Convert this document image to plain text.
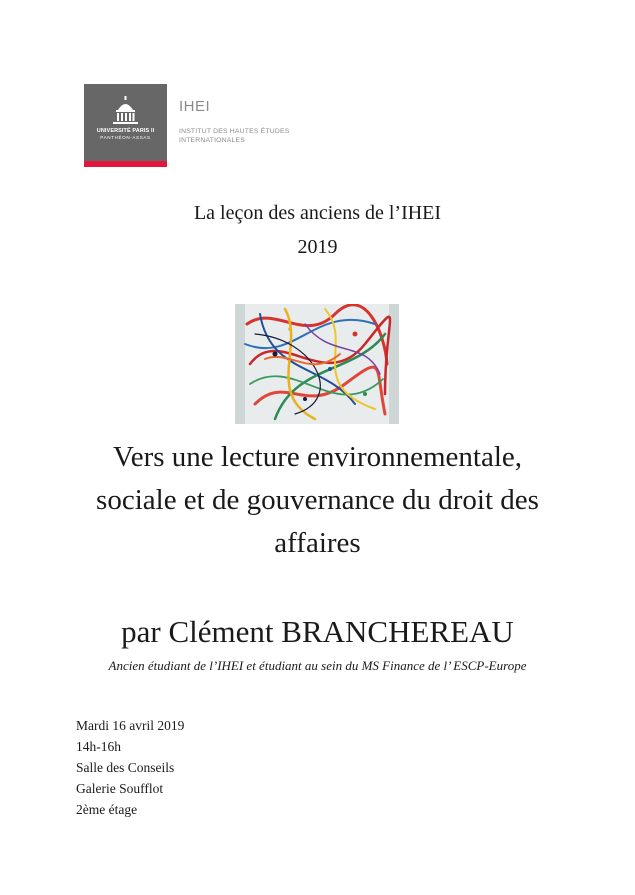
UNIVERSITÉ PARIS II
PANTHÉON-ASSAS
IHEI
INSTITUT DES HAUTES ÉTUDES
INTERNATIONALES
La leçon des anciens de l’IHEI
2019
Vers une lecture environnementale,
sociale et de gouvernance du droit des
affaires
par Clément BRANCHEREAU
Ancien étudiant de l’IHEI et étudiant au sein du MS Finance de l’ ESCP-Europe
Mardi 16 avril 2019
14h-16h
Salle des Conseils
Galerie Soufflot
2ème étage
